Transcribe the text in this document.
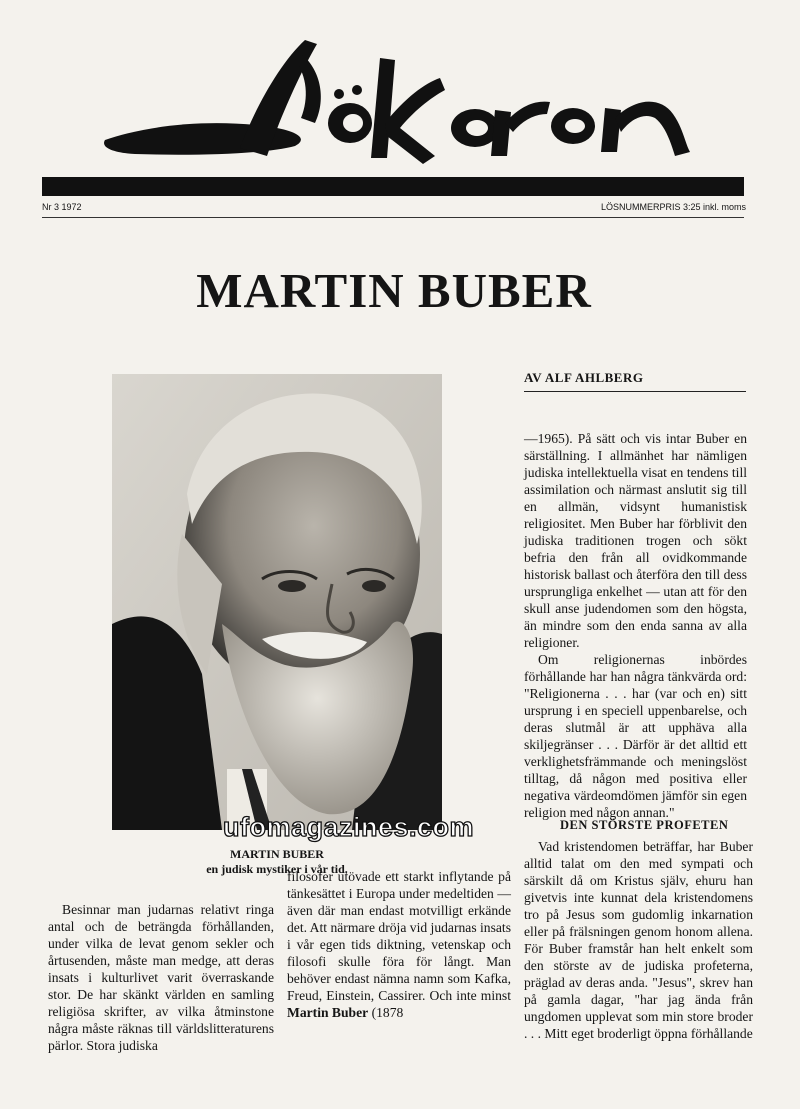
Nr 3 1972	LÖSNUMMERPRIS 3:25 inkl. moms
MARTIN BUBER
MARTIN BUBER
en judisk mystiker i vår tid.
AV ALF AHLBERG

Besinnar man judarnas relativt ringa antal och de beträngda förhållanden, under vilka de levat genom sekler och årtusenden, måste man medge, att deras insats i kulturlivet varit överraskande stor. De har skänkt världen en samling religiösa skrifter, av vilka åtminstone några måste räknas till världslitteraturens pärlor. Stora judiska

filosofer utövade ett starkt inflytande på tänkesättet i Europa under medeltiden — även där man endast motvilligt erkände det. Att närmare dröja vid judarnas insats i vår egen tids diktning, vetenskap och filosofi skulle föra för långt. Man behöver endast nämna namn som Kafka, Freud, Einstein, Cassirer. Och inte minst Martin Buber (1878

—1965). På sätt och vis intar Buber en särställning. I allmänhet har nämligen judiska intellektuella visat en tendens till assimilation och närmast anslutit sig till en allmän, vidsynt humanistisk religiositet. Men Buber har förblivit den judiska traditionen trogen och sökt befria den från all ovidkommande historisk ballast och återföra den till dess ursprungliga enkelhet — utan att för den skull anse judendomen som den högsta, än mindre som den enda sanna av alla religioner.

Om religionernas inbördes förhållande har han några tänkvärda ord: "Religionerna . . . har (var och en) sitt ursprung i en speciell uppenbarelse, och deras slutmål är att upphäva alla skiljegränser . . . Därför är det alltid ett verklighetsfrämmande och meningslöst tilltag, då någon med positiva eller negativa värdeomdömen jämför sin egen religion med någon annan."

DEN STÖRSTE PROFETEN

Vad kristendomen beträffar, har Buber alltid talat om den med sympati och särskilt då om Kristus själv, ehuru han givetvis inte kunnat dela kristendomens tro på Jesus som gudomlig inkarnation eller på frälsningen genom honom allena. För Buber framstår han helt enkelt som den störste av de judiska profeterna, präglad av deras anda. "Jesus", skrev han på gamla dagar, "har jag ända från ungdomen upplevat som min store broder . . . Mitt eget broderligt öppna förhållande

ufomagazines.com
